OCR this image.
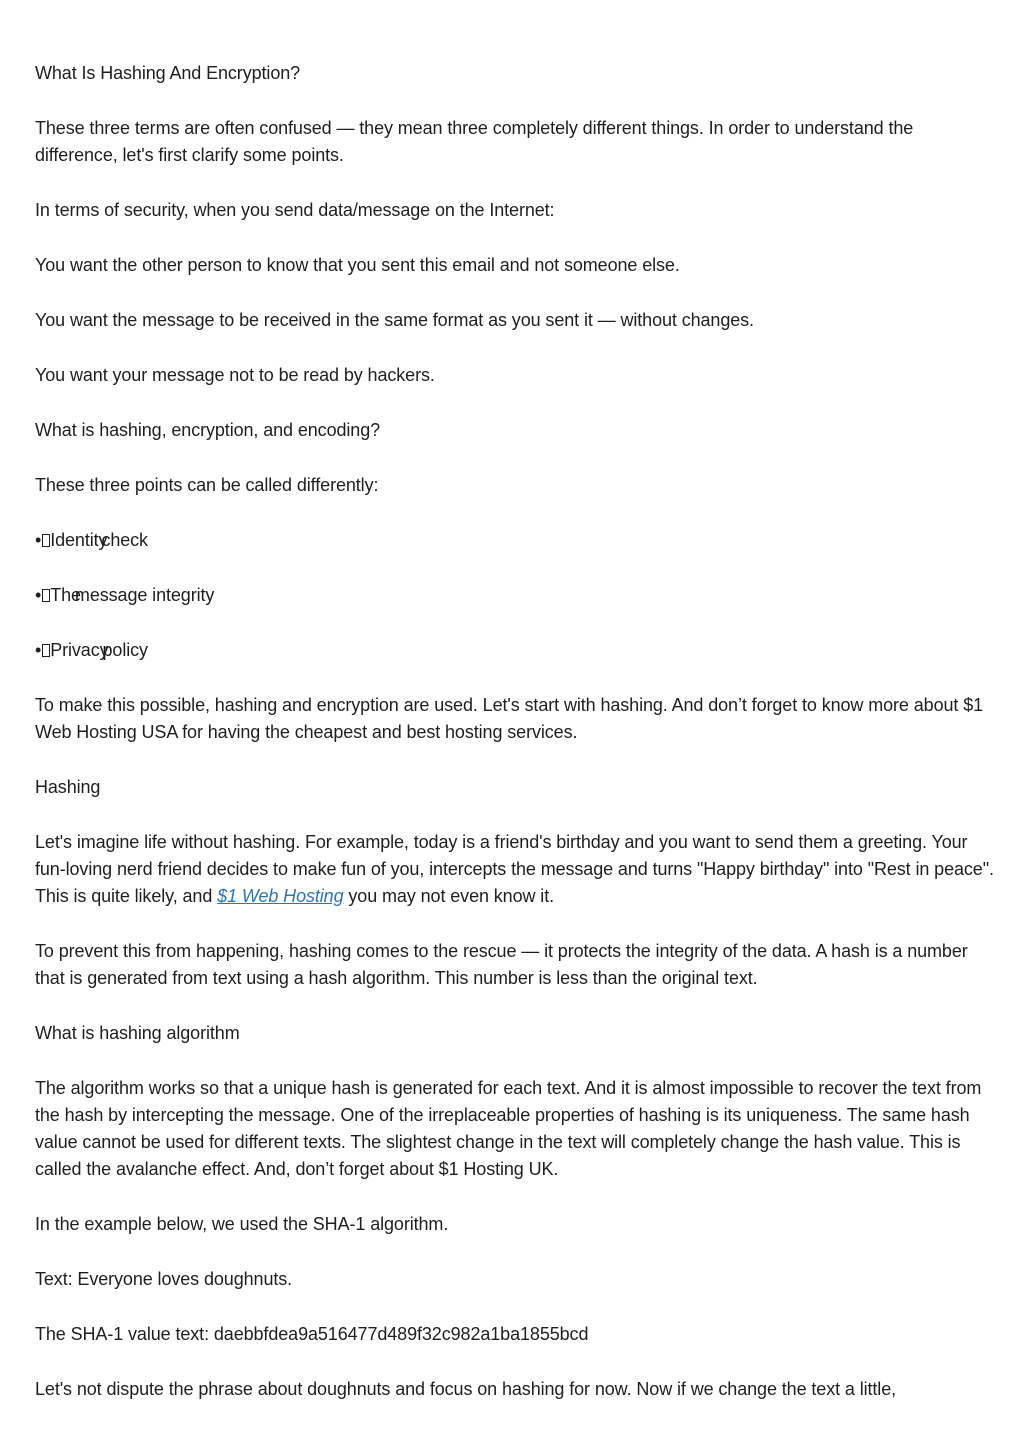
What Is Hashing And Encryption?

These three terms are often confused — they mean three completely different things. In order to understand the difference, let's first clarify some points.

In terms of security, when you send data/message on the Internet:

You want the other person to know that you sent this email and not someone else.

You want the message to be received in the same format as you sent it — without changes.

You want your message not to be read by hackers.

What is hashing, encryption, and encoding?

These three points can be called differently:

• Identitycheck
• Themessage integrity
• Privacypolicy

To make this possible, hashing and encryption are used. Let's start with hashing. And don’t forget to know more about $1 Web Hosting USA for having the cheapest and best hosting services.

Hashing

Let's imagine life without hashing. For example, today is a friend's birthday and you want to send them a greeting. Your fun-loving nerd friend decides to make fun of you, intercepts the message and turns "Happy birthday" into "Rest in peace". This is quite likely, and $1 Web Hosting you may not even know it.

To prevent this from happening, hashing comes to the rescue — it protects the integrity of the data. A hash is a number that is generated from text using a hash algorithm. This number is less than the original text.

What is hashing algorithm

The algorithm works so that a unique hash is generated for each text. And it is almost impossible to recover the text from the hash by intercepting the message. One of the irreplaceable properties of hashing is its uniqueness. The same hash value cannot be used for different texts. The slightest change in the text will completely change the hash value. This is called the avalanche effect. And, don’t forget about $1 Hosting UK.

In the example below, we used the SHA-1 algorithm.

Text: Everyone loves doughnuts.

The SHA-1 value text: daebbfdea9a516477d489f32c982a1ba1855bcd

Let's not dispute the phrase about doughnuts and focus on hashing for now. Now if we change the text a little,
